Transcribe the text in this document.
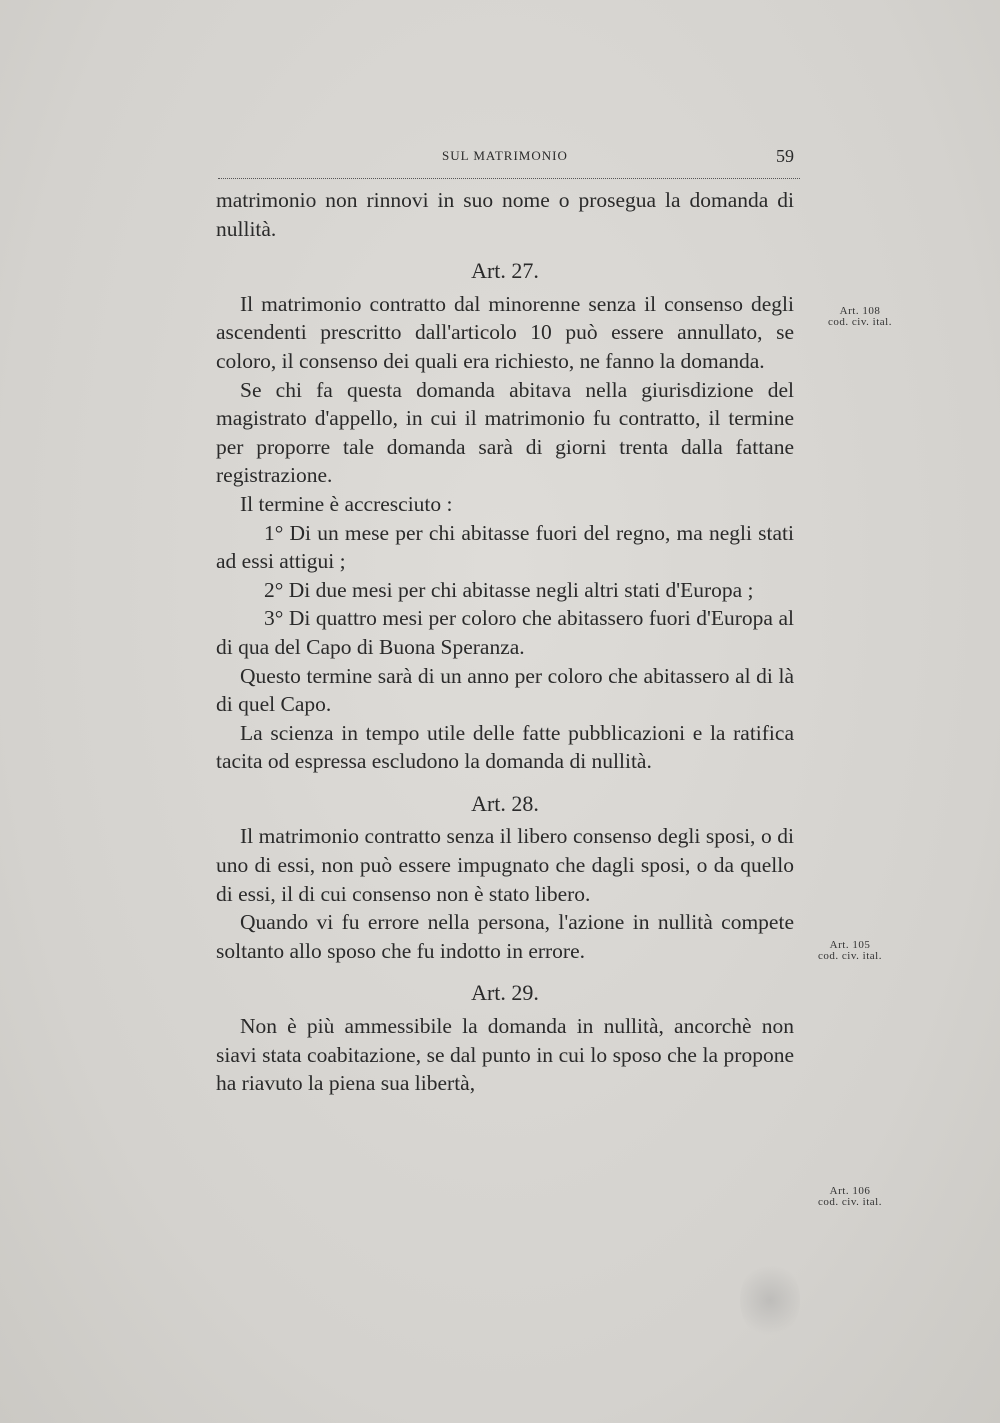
SUL MATRIMONIO	59

matrimonio non rinnovi in suo nome o prosegua la domanda di nullità.

Art. 27.

Il matrimonio contratto dal minorenne senza il consenso degli ascendenti prescritto dall'articolo 10 può essere annullato, se coloro, il consenso dei quali era richiesto, ne fanno la domanda.

Se chi fa questa domanda abitava nella giurisdizione del magistrato d'appello, in cui il matrimonio fu contratto, il termine per proporre tale domanda sarà di giorni trenta dalla fattane registrazione.

Il termine è accresciuto :

1° Di un mese per chi abitasse fuori del regno, ma negli stati ad essi attigui ;

2° Di due mesi per chi abitasse negli altri stati d'Europa ;

3° Di quattro mesi per coloro che abitassero fuori d'Europa al di qua del Capo di Buona Speranza.

Questo termine sarà di un anno per coloro che abitassero al di là di quel Capo.

La scienza in tempo utile delle fatte pubblicazioni e la ratifica tacita od espressa escludono la domanda di nullità.

Art. 28.

Il matrimonio contratto senza il libero consenso degli sposi, o di uno di essi, non può essere impugnato che dagli sposi, o da quello di essi, il di cui consenso non è stato libero.

Quando vi fu errore nella persona, l'azione in nullità compete soltanto allo sposo che fu indotto in errore.

Art. 29.

Non è più ammessibile la domanda in nullità, ancorchè non siavi stata coabitazione, se dal punto in cui lo sposo che la propone ha riavuto la piena sua libertà,

Art. 108
cod. civ. ital.
Art. 105
cod. civ. ital.
Art. 106
cod. civ. ital.
